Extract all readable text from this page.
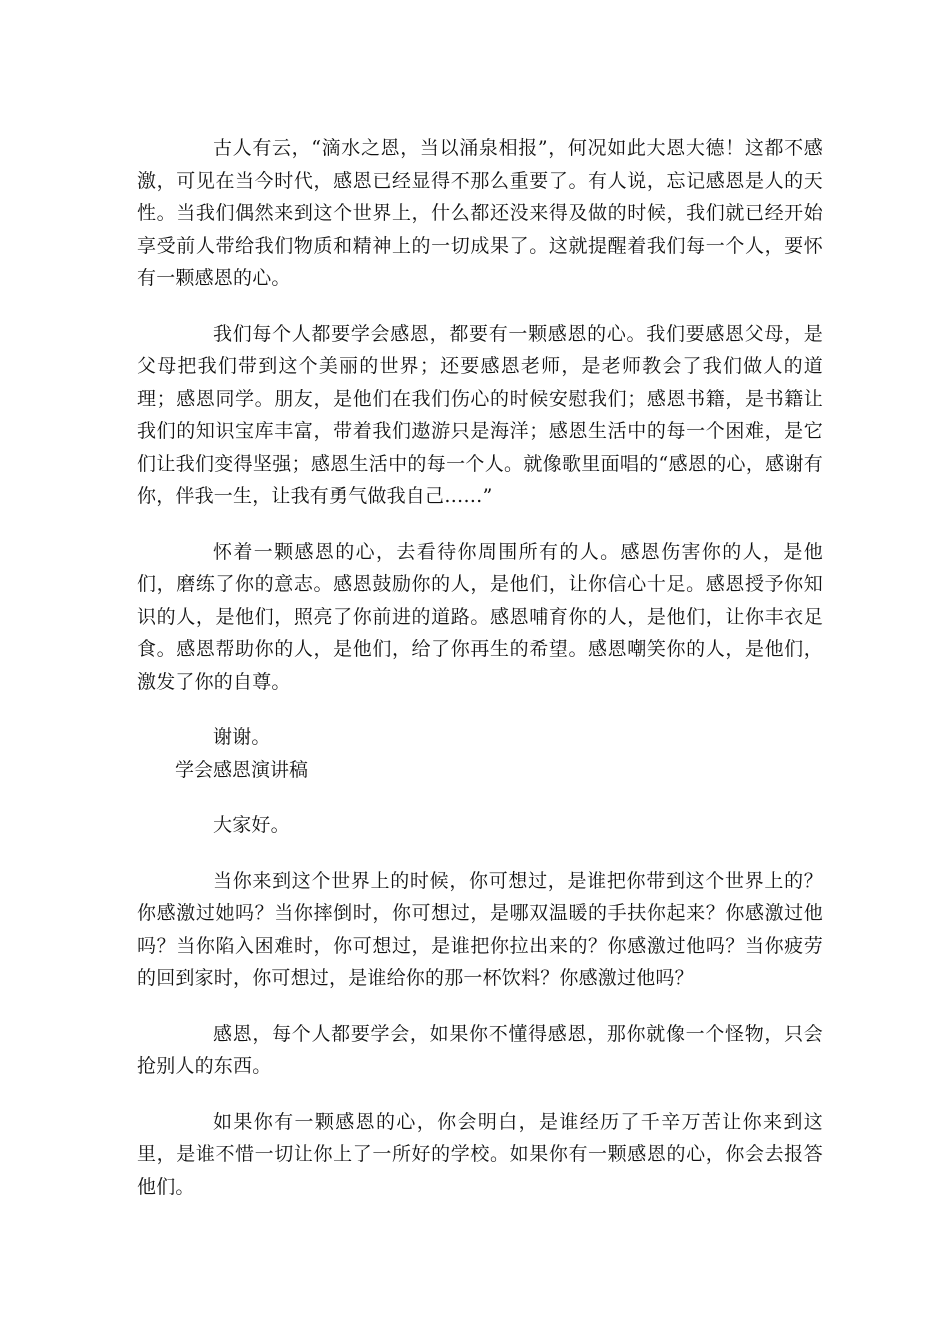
古人有云，“滴水之恩，当以涌泉相报”，何况如此大恩大德！这都不感激，可见在当今时代，感恩已经显得不那么重要了。有人说，忘记感恩是人的天性。当我们偶然来到这个世界上，什么都还没来得及做的时候，我们就已经开始享受前人带给我们物质和精神上的一切成果了。这就提醒着我们每一个人，要怀有一颗感恩的心。

我们每个人都要学会感恩，都要有一颗感恩的心。我们要感恩父母，是父母把我们带到这个美丽的世界；还要感恩老师，是老师教会了我们做人的道理；感恩同学。朋友，是他们在我们伤心的时候安慰我们；感恩书籍，是书籍让我们的知识宝库丰富，带着我们遨游只是海洋；感恩生活中的每一个困难，是它们让我们变得坚强；感恩生活中的每一个人。就像歌里面唱的“感恩的心，感谢有你，伴我一生，让我有勇气做我自己……”

怀着一颗感恩的心，去看待你周围所有的人。感恩伤害你的人，是他们，磨练了你的意志。感恩鼓励你的人，是他们，让你信心十足。感恩授予你知识的人，是他们，照亮了你前进的道路。感恩哺育你的人，是他们，让你丰衣足食。感恩帮助你的人，是他们，给了你再生的希望。感恩嘲笑你的人，是他们，激发了你的自尊。

谢谢。

学会感恩演讲稿

大家好。

当你来到这个世界上的时候，你可想过，是谁把你带到这个世界上的？你感激过她吗？当你摔倒时，你可想过，是哪双温暖的手扶你起来？你感激过他吗？当你陷入困难时，你可想过，是谁把你拉出来的？你感激过他吗？当你疲劳的回到家时，你可想过，是谁给你的那一杯饮料？你感激过他吗？

感恩，每个人都要学会，如果你不懂得感恩，那你就像一个怪物，只会抢别人的东西。

如果你有一颗感恩的心，你会明白，是谁经历了千辛万苦让你来到这里，是谁不惜一切让你上了一所好的学校。如果你有一颗感恩的心，你会去报答他们。
